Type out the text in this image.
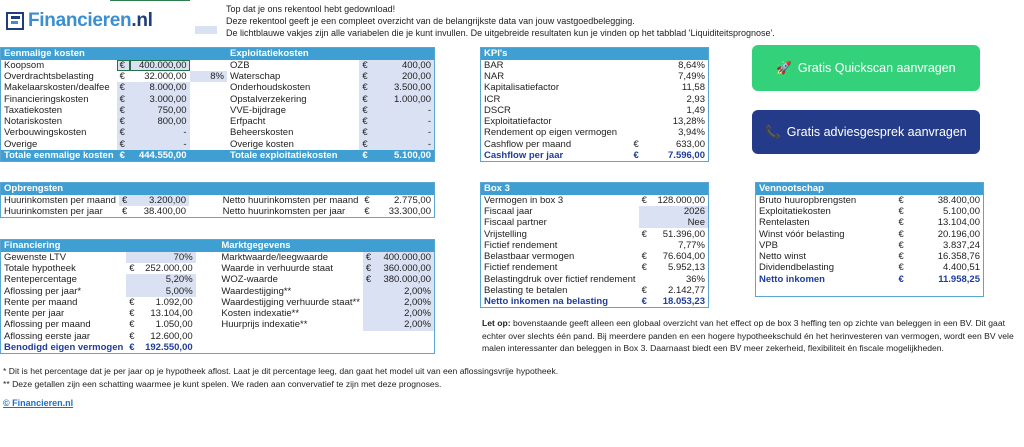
Financieren.nl
Top dat je ons rekentool hebt gedownload!
Deze rekentool geeft je een compleet overzicht van de belangrijkste data van jouw vastgoedbelegging.
De lichtblauwe vakjes zijn alle variabelen die je kunt invullen. De uitgebreide resultaten kun je vinden op het tabblad 'Liquiditeitsprognose'.
Eenmalige kosten				Exploitatiekosten		
Koopsom	€	400.000,00		OZB	€	400,00
Overdrachtsbelasting	€	32.000,00	8%	Waterschap	€	200,00
Makelaarskosten/dealfee	€	8.000,00		Onderhoudskosten	€	3.500,00
Financieringskosten	€	3.000,00		Opstalverzekering	€	1.000,00
Taxatiekosten	€	750,00		VVE-bijdrage	€	-
Notariskosten	€	800,00		Erfpacht	€	-
Verbouwingskosten	€	-		Beheerskosten	€	-
Overige	€	-		Overige kosten	€	-
Totale eenmalige kosten	€	444.550,00		Totale exploitatiekosten	€	5.100,00
KPI's		
BAR		8,64%
NAR		7,49%
Kapitalisatiefactor		11,58
ICR		2,93
DSCR		1,49
Exploitatiefactor		13,28%
Rendement op eigen vermogen		3,94%
Cashflow per maand	€	633,00
Cashflow per jaar	€	7.596,00
🚀 Gratis Quickscan aanvragen
📞 Gratis adviesgesprek aanvragen
Opbrengsten						
Huurinkomsten per maand	€	3.200,00		Netto huurinkomsten per maand	€	2.775,00
Huurinkomsten per jaar	€	38.400,00		Netto huurinkomsten per jaar	€	33.300,00
Financiering				Marktgegevens		
Gewenste LTV		70%		Marktwaarde/leegwaarde	€	400.000,00
Totale hypotheek	€	252.000,00		Waarde in verhuurde staat	€	360.000,00
Rentepercentage		5,20%		WOZ-waarde	€	380.000,00
Aflossing per jaar*		5,00%		Waardestijging**		2,00%
Rente per maand	€	1.092,00		Waardestijging verhuurde staat**		2,00%
Rente per jaar	€	13.104,00		Kosten indexatie**		2,00%
Aflossing per maand	€	1.050,00		Huurprijs indexatie**		2,00%
Aflossing eerste jaar	€	12.600,00				
Benodigd eigen vermogen	€	192.550,00				
Box 3		
Vermogen in box 3	€	128.000,00
Fiscaal jaar		2026
Fiscaal partner		Nee
Vrijstelling	€	51.396,00
Fictief rendement		7,77%
Belastbaar vermogen	€	76.604,00
Fictief rendement	€	5.952,13
Belastingdruk over fictief rendement		36%
Belasting te betalen	€	2.142,77
Netto inkomen na belasting	€	18.053,23
Vennootschap		
Bruto huuropbrengsten	€	38.400,00
Exploitatiekosten	€	5.100,00
Rentelasten	€	13.104,00
Winst vóór belasting	€	20.196,00
VPB	€	3.837,24
Netto winst	€	16.358,76
Dividendbelasting	€	4.400,51
Netto inkomen	€	11.958,25

Let op: bovenstaande geeft alleen een globaal overzicht van het effect op de box 3 heffing ten op zichte van beleggen in een BV. Dit gaat echter over slechts één pand. Bij meerdere panden en een hogere hypotheekschuld én het herinvesteren van vermogen, wordt een BV vele malen interessanter dan beleggen in Box 3. Daarnaast biedt een BV meer zekerheid, flexibiliteit én fiscale mogelijkheden.
* Dit is het percentage dat je per jaar op je hypotheek aflost. Laat je dit percentage leeg, dan gaat het model uit van een aflossingsvrije hypotheek.
** Deze getallen zijn een schatting waarmee je kunt spelen. We raden aan convervatief te zijn met deze prognoses.
© Financieren.nl
